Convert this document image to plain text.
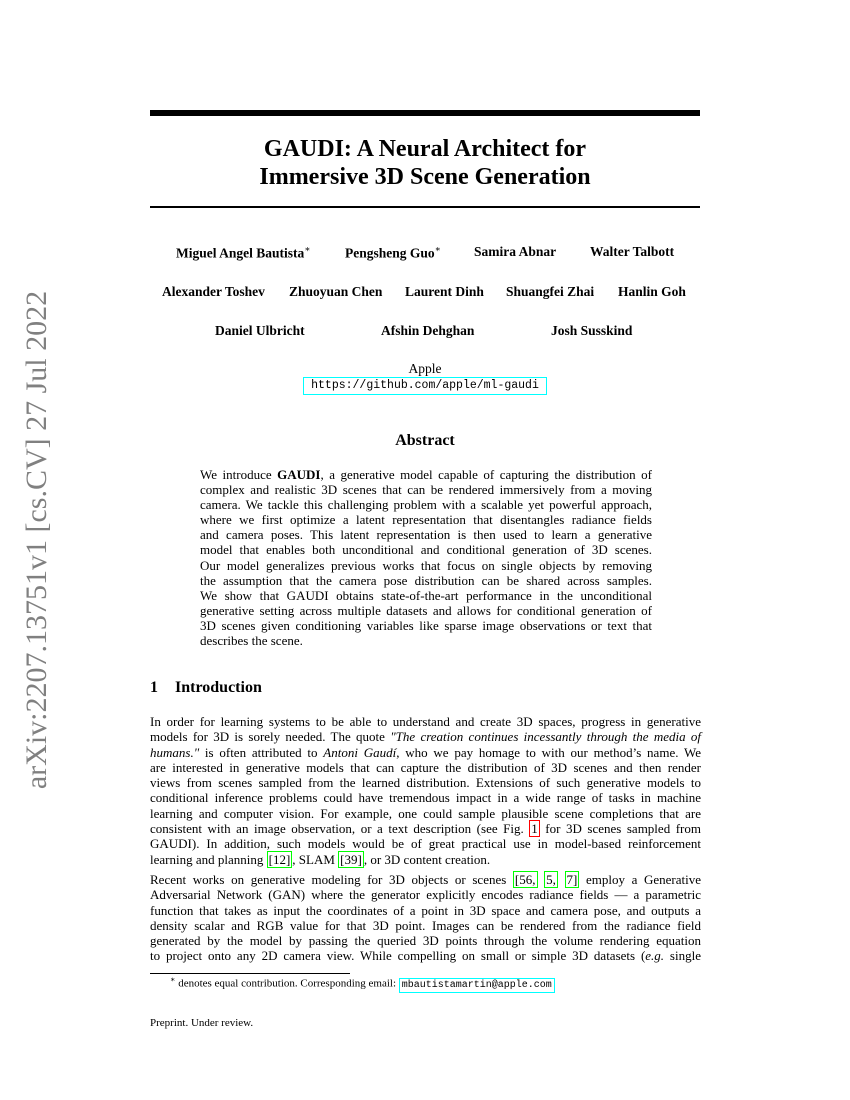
arXiv:2207.13751v1 [cs.CV] 27 Jul 2022
GAUDI: A Neural Architect for
Immersive 3D Scene Generation
Miguel Angel Bautista∗	Pengsheng Guo∗ Samira Abnar	Walter Talbott
Alexander Toshev Zhuoyuan Chen Laurent Dinh Shuangfei Zhai Hanlin Goh
Daniel Ulbricht	Afshin Dehghan	Josh Susskind
Apple
https://github.com/apple/ml-gaudi
Abstract
We introduce GAUDI, a generative model capable of capturing the distribution of
complex and realistic 3D scenes that can be rendered immersively from a moving
camera. We tackle this challenging problem with a scalable yet powerful approach,
where we first optimize a latent representation that disentangles radiance fields
and camera poses. This latent representation is then used to learn a generative
model that enables both unconditional and conditional generation of 3D scenes.
Our model generalizes previous works that focus on single objects by removing
the assumption that the camera pose distribution can be shared across samples.
We show that GAUDI obtains state-of-the-art performance in the unconditional
generative setting across multiple datasets and allows for conditional generation of
3D scenes given conditioning variables like sparse image observations or text that
describes the scene.
1 Introduction
In order for learning systems to be able to understand and create 3D spaces, progress in generative
models for 3D is sorely needed. The quote "The creation continues incessantly through the media of
humans." is often attributed to Antoni Gaudí, who we pay homage to with our method’s name. We
are interested in generative models that can capture the distribution of 3D scenes and then render
views from scenes sampled from the learned distribution. Extensions of such generative models to
conditional inference problems could have tremendous impact in a wide range of tasks in machine
learning and computer vision. For example, one could sample plausible scene completions that are
consistent with an image observation, or a text description (see Fig. 1 for 3D scenes sampled from
GAUDI). In addition, such models would be of great practical use in model-based reinforcement
learning and planning [12] , SLAM [39] , or 3D content creation.
Recent works on generative modeling for 3D objects or scenes [56, 5, 7] employ a Generative
Adversarial Network (GAN) where the generator explicitly encodes radiance fields — a parametric
function that takes as input the coordinates of a point in 3D space and camera pose, and outputs a
density scalar and RGB value for that 3D point. Images can be rendered from the radiance field
generated by the model by passing the queried 3D points through the volume rendering equation
to project onto any 2D camera view. While compelling on small or simple 3D datasets (e.g. single
∗ denotes equal contribution. Corresponding email: mbautistamartin@apple.com
Preprint. Under review.
